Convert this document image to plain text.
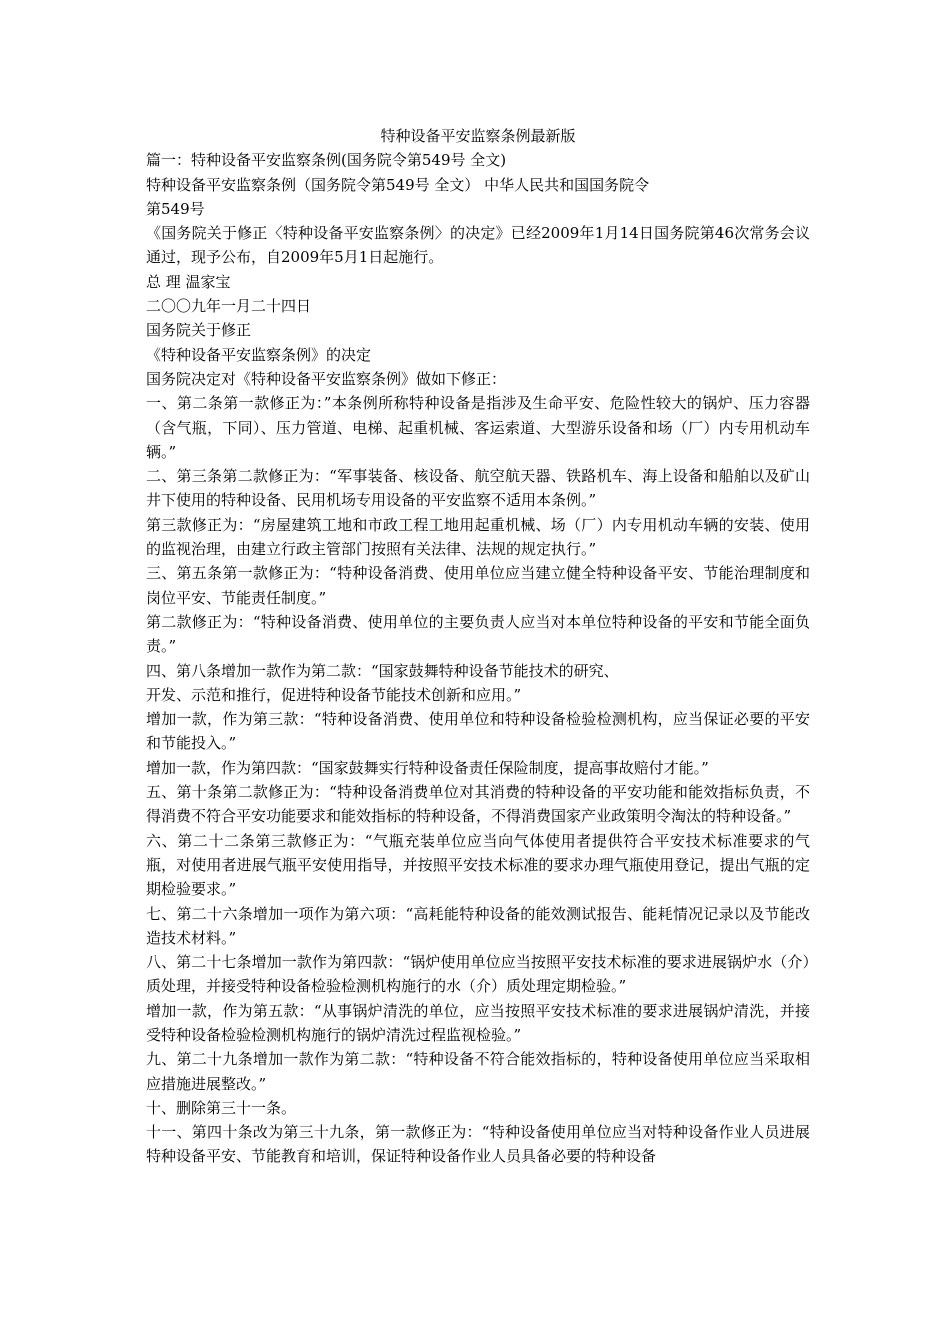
特种设备平安监察条例最新版

篇一：特种设备平安监察条例(国务院令第549号 全文)

特种设备平安监察条例（国务院令第549号 全文） 中华人民共和国国务院令

第549号

《国务院关于修正〈特种设备平安监察条例〉的决定》已经2009年1月14日国务院第46次常务会议通过，现予公布，自2009年5月1日起施行。

总 理 温家宝

二〇〇九年一月二十四日

国务院关于修正

《特种设备平安监察条例》的决定

国务院决定对《特种设备平安监察条例》做如下修正：

一、第二条第一款修正为：”本条例所称特种设备是指涉及生命平安、危险性较大的锅炉、压力容器（含气瓶，下同）、压力管道、电梯、起重机械、客运索道、大型游乐设备和场（厂）内专用机动车辆。”

二、第三条第二款修正为：“军事装备、核设备、航空航天器、铁路机车、海上设备和船舶以及矿山井下使用的特种设备、民用机场专用设备的平安监察不适用本条例。”

第三款修正为：“房屋建筑工地和市政工程工地用起重机械、场（厂）内专用机动车辆的安装、使用的监视治理，由建立行政主管部门按照有关法律、法规的规定执行。”

三、第五条第一款修正为：“特种设备消费、使用单位应当建立健全特种设备平安、节能治理制度和岗位平安、节能责任制度。”

第二款修正为：“特种设备消费、使用单位的主要负责人应当对本单位特种设备的平安和节能全面负责。”

四、第八条增加一款作为第二款：“国家鼓舞特种设备节能技术的研究、

开发、示范和推行，促进特种设备节能技术创新和应用。”

增加一款，作为第三款：“特种设备消费、使用单位和特种设备检验检测机构，应当保证必要的平安和节能投入。”

增加一款，作为第四款：“国家鼓舞实行特种设备责任保险制度，提高事故赔付才能。”

五、第十条第二款修正为：“特种设备消费单位对其消费的特种设备的平安功能和能效指标负责，不得消费不符合平安功能要求和能效指标的特种设备，不得消费国家产业政策明令淘汰的特种设备。”

六、第二十二条第三款修正为：“气瓶充装单位应当向气体使用者提供符合平安技术标准要求的气瓶，对使用者进展气瓶平安使用指导，并按照平安技术标准的要求办理气瓶使用登记，提出气瓶的定期检验要求。”

七、第二十六条增加一项作为第六项：“高耗能特种设备的能效测试报告、能耗情况记录以及节能改造技术材料。”

八、第二十七条增加一款作为第四款：“锅炉使用单位应当按照平安技术标准的要求进展锅炉水（介）质处理，并接受特种设备检验检测机构施行的水（介）质处理定期检验。”

增加一款，作为第五款：“从事锅炉清洗的单位，应当按照平安技术标准的要求进展锅炉清洗，并接受特种设备检验检测机构施行的锅炉清洗过程监视检验。”

九、第二十九条增加一款作为第二款：“特种设备不符合能效指标的，特种设备使用单位应当采取相应措施进展整改。”

十、删除第三十一条。

十一、第四十条改为第三十九条，第一款修正为：“特种设备使用单位应当对特种设备作业人员进展特种设备平安、节能教育和培训，保证特种设备作业人员具备必要的特种设备
